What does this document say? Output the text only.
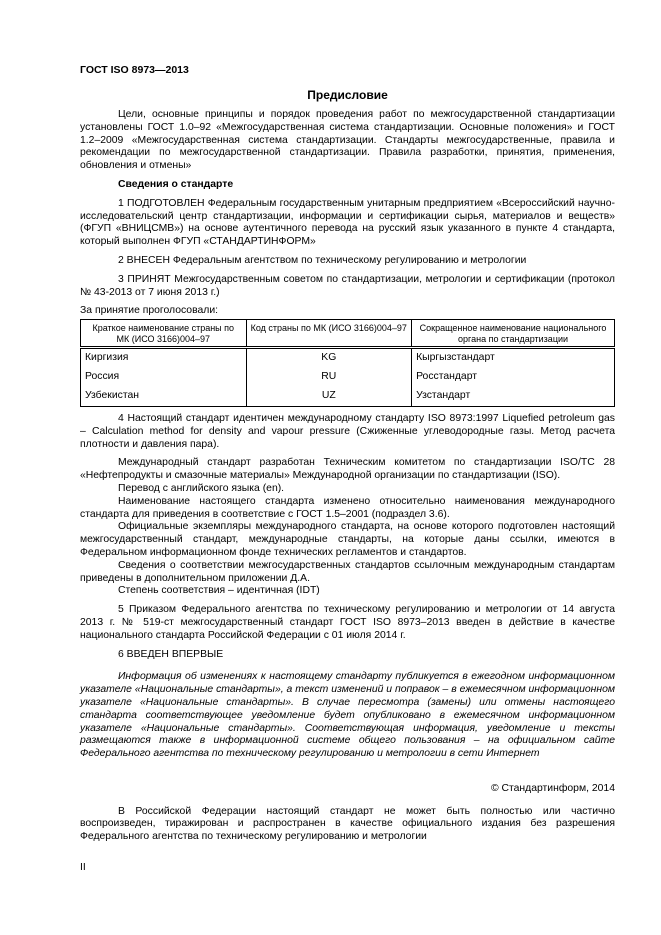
ГОСТ ISO 8973—2013
Предисловие

Цели, основные принципы и порядок проведения работ по межгосударственной стандартизации установлены ГОСТ 1.0–92 «Межгосударственная система стандартизации. Основные положения» и ГОСТ 1.2–2009 «Межгосударственная система стандартизации. Стандарты межгосударственные, правила и рекомендации по межгосударственной стандартизации. Правила разработки, принятия, применения, обновления и отмены»

Сведения о стандарте

1 ПОДГОТОВЛЕН Федеральным государственным унитарным предприятием «Всероссийский научно-исследовательский центр стандартизации, информации и сертификации сырья, материалов и веществ» (ФГУП «ВНИЦСМВ») на основе аутентичного перевода на русский язык указанного в пункте 4 стандарта, который выполнен ФГУП «СТАНДАРТИНФОРМ»

2 ВНЕСЕН Федеральным агентством по техническому регулированию и метрологии

3 ПРИНЯТ Межгосударственным советом по стандартизации, метрологии и сертификации (протокол № 43-2013 от 7 июня 2013 г.)

За принятие проголосовали:

Краткое наименование страны по МК (ИСО 3166)004–97	Код страны по МК (ИСО 3166)004–97	Сокращенное наименование национального органа по стандартизации
Киргизия	KG	Кыргызстандарт
Россия	RU	Росстандарт
Узбекистан	UZ	Узстандарт

4 Настоящий стандарт идентичен международному стандарту ISO 8973:1997 Liquefied petroleum gas – Calculation method for density and vapour pressure (Сжиженные углеводородные газы. Метод расчета плотности и давления пара).

Международный стандарт разработан Техническим комитетом по стандартизации ISO/TC 28 «Нефтепродукты и смазочные материалы» Международной организации по стандартизации (ISO).

Перевод с английского языка (en).

Наименование настоящего стандарта изменено относительно наименования международного стандарта для приведения в соответствие с ГОСТ 1.5–2001 (подраздел 3.6).

Официальные экземпляры международного стандарта, на основе которого подготовлен настоящий межгосударственный стандарт, международные стандарты, на которые даны ссылки, имеются в Федеральном информационном фонде технических регламентов и стандартов.

Сведения о соответствии межгосударственных стандартов ссылочным международным стандартам приведены в дополнительном приложении Д.А.

Степень соответствия – идентичная (IDT)

5 Приказом Федерального агентства по техническому регулированию и метрологии от 14 августа 2013 г. № 519-ст межгосударственный стандарт ГОСТ ISO 8973–2013 введен в действие в качестве национального стандарта Российской Федерации с 01 июля 2014 г.

6 ВВЕДЕН ВПЕРВЫЕ

Информация об изменениях к настоящему стандарту публикуется в ежегодном информационном указателе «Национальные стандарты», а текст изменений и поправок – в ежемесячном информационном указателе «Национальные стандарты». В случае пересмотра (замены) или отмены настоящего стандарта соответствующее уведомление будет опубликовано в ежемесячном информационном указателе «Национальные стандарты». Соответствующая информация, уведомление и тексты размещаются также в информационной системе общего пользования – на официальном сайте Федерального агентства по техническому регулированию и метрологии в сети Интернет

© Стандартинформ, 2014

В Российской Федерации настоящий стандарт не может быть полностью или частично воспроизведен, тиражирован и распространен в качестве официального издания без разрешения Федерального агентства по техническому регулированию и метрологии

II
